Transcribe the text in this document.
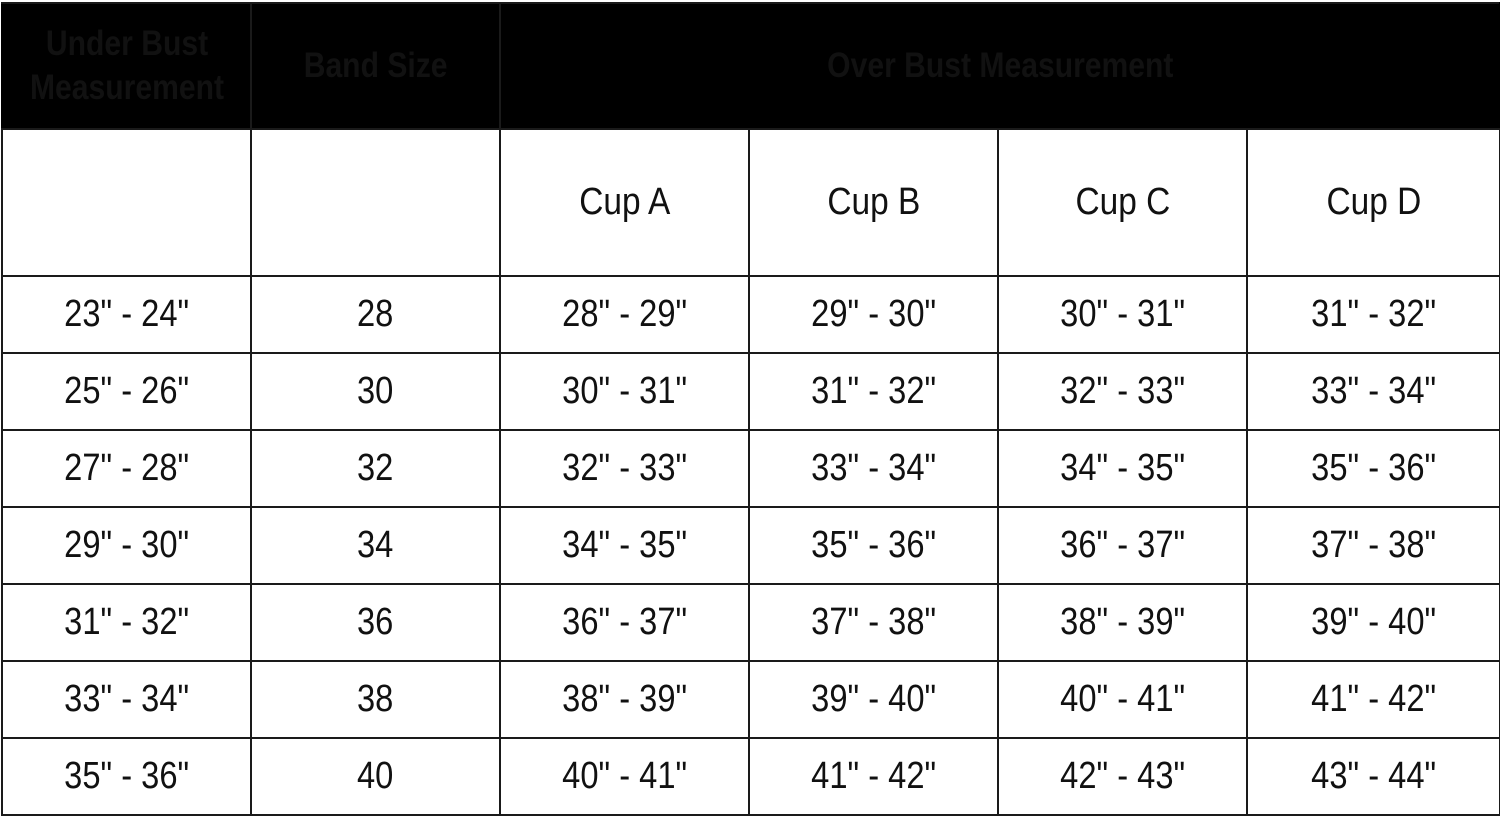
Under Bust Measurement	Band Size	Over Bust Measurement			
		Cup A	Cup B	Cup C	Cup D
23" - 24"	28	28" - 29"	29" - 30"	30" - 31"	31" - 32"
25" - 26"	30	30" - 31"	31" - 32"	32" - 33"	33" - 34"
27" - 28"	32	32" - 33"	33" - 34"	34" - 35"	35" - 36"
29" - 30"	34	34" - 35"	35" - 36"	36" - 37"	37" - 38"
31" - 32"	36	36" - 37"	37" - 38"	38" - 39"	39" - 40"
33" - 34"	38	38" - 39"	39" - 40"	40" - 41"	41" - 42"
35" - 36"	40	40" - 41"	41" - 42"	42" - 43"	43" - 44"
